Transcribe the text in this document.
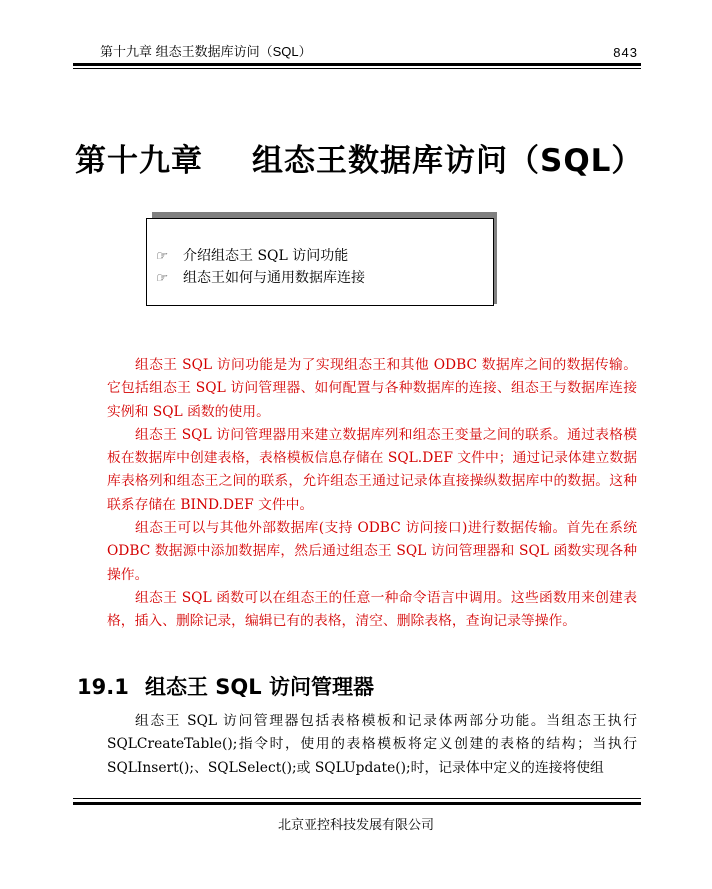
第十九章 组态王数据库访问（SQL）	843
第十九章 组态王数据库访问（SQL）
☞ 介绍组态王 SQL 访问功能
☞ 组态王如何与通用数据库连接

组态王 SQL 访问功能是为了实现组态王和其他 ODBC 数据库之间的数据传输。它包括组态王 SQL 访问管理器、如何配置与各种数据库的连接、组态王与数据库连接实例和 SQL 函数的使用。

组态王 SQL 访问管理器用来建立数据库列和组态王变量之间的联系。通过表格模板在数据库中创建表格，表格模板信息存储在 SQL.DEF 文件中；通过记录体建立数据库表格列和组态王之间的联系，允许组态王通过记录体直接操纵数据库中的数据。这种联系存储在 BIND.DEF 文件中。

组态王可以与其他外部数据库(支持 ODBC 访问接口)进行数据传输。首先在系统 ODBC 数据源中添加数据库，然后通过组态王 SQL 访问管理器和 SQL 函数实现各种操作。

组态王 SQL 函数可以在组态王的任意一种命令语言中调用。这些函数用来创建表格，插入、删除记录，编辑已有的表格，清空、删除表格，查询记录等操作。

19.1 组态王 SQL 访问管理器

组态王 SQL 访问管理器包括表格模板和记录体两部分功能。当组态王执行 SQLCreateTable();指令时，使用的表格模板将定义创建的表格的结构；当执行 SQLInsert();、SQLSelect();或 SQLUpdate();时，记录体中定义的连接将使组

北京亚控科技发展有限公司
